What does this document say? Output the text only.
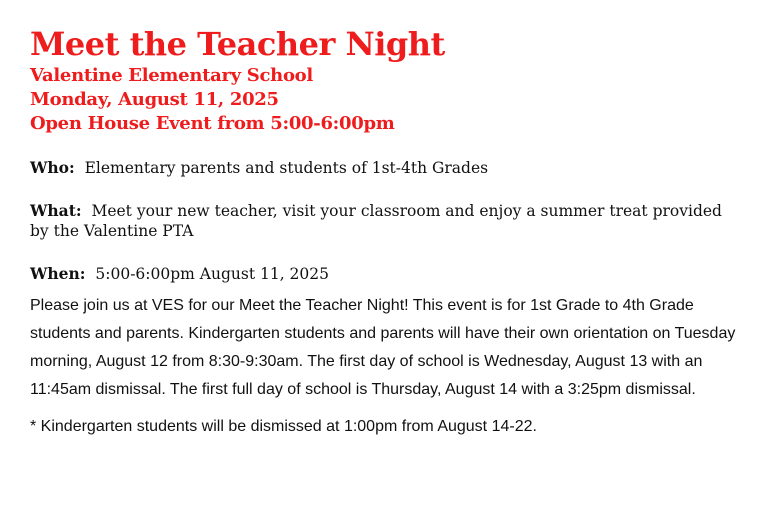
Meet the Teacher Night

Valentine Elementary School

Monday, August 11, 2025

Open House Event from 5:00-6:00pm

Who: Elementary parents and students of 1st-4th Grades

What: Meet your new teacher, visit your classroom and enjoy a summer treat provided by the Valentine PTA

When: 5:00-6:00pm August 11, 2025

Please join us at VES for our Meet the Teacher Night! This event is for 1st Grade to 4th Grade students and parents. Kindergarten students and parents will have their own orientation on Tuesday morning, August 12 from 8:30-9:30am. The first day of school is Wednesday, August 13 with an 11:45am dismissal. The first full day of school is Thursday, August 14 with a 3:25pm dismissal.

* Kindergarten students will be dismissed at 1:00pm from August 14-22.
